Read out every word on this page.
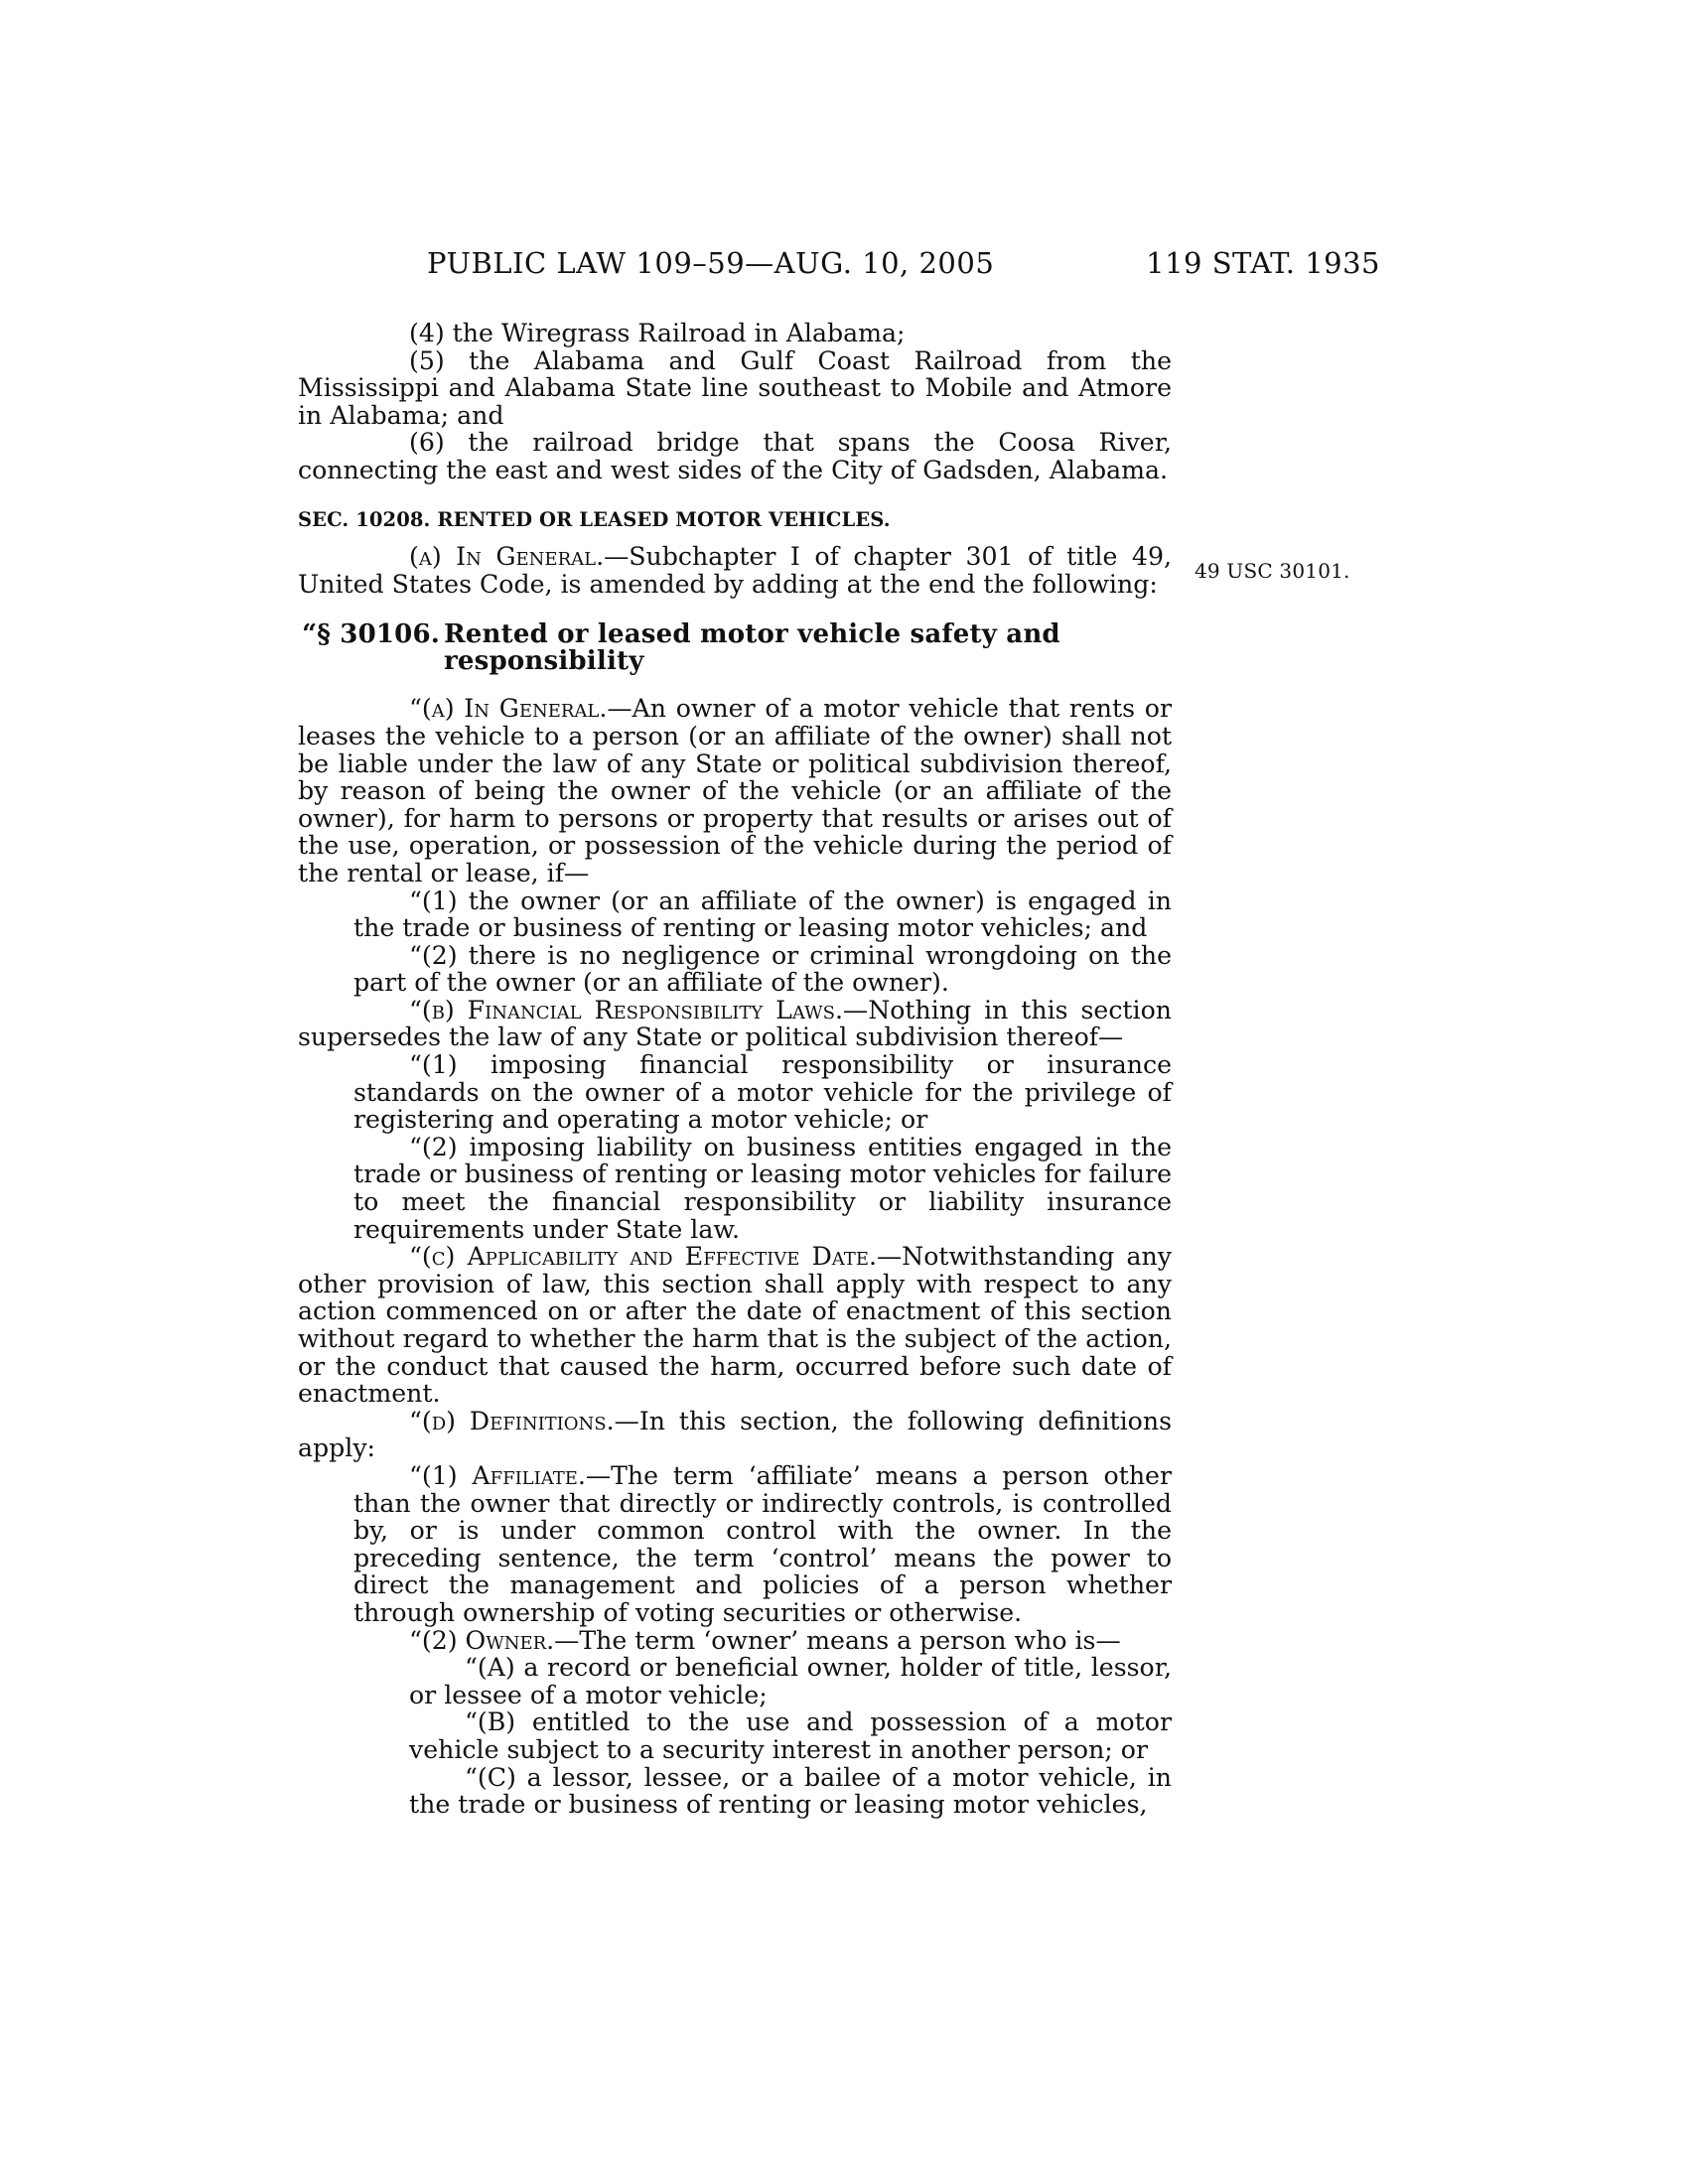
PUBLIC LAW 109–59—AUG. 10, 2005	119 STAT. 1935
49 USC 30101.

(4) the Wiregrass Railroad in Alabama;

(5) the Alabama and Gulf Coast Railroad from the Mississippi and Alabama State line southeast to Mobile and Atmore in Alabama; and

(6) the railroad bridge that spans the Coosa River, connecting the east and west sides of the City of Gadsden, Alabama.

SEC. 10208. RENTED OR LEASED MOTOR VEHICLES.

(a) In General.—Subchapter I of chapter 301 of title 49, United States Code, is amended by adding at the end the following:

“§ 30106. Rented or leased motor vehicle safety and responsibility

“(a) In General.—An owner of a motor vehicle that rents or leases the vehicle to a person (or an affiliate of the owner) shall not be liable under the law of any State or political subdivision thereof, by reason of being the owner of the vehicle (or an affiliate of the owner), for harm to persons or property that results or arises out of the use, operation, or possession of the vehicle during the period of the rental or lease, if—

“(1) the owner (or an affiliate of the owner) is engaged in the trade or business of renting or leasing motor vehicles; and

“(2) there is no negligence or criminal wrongdoing on the part of the owner (or an affiliate of the owner).

“(b) Financial Responsibility Laws.—Nothing in this section supersedes the law of any State or political subdivision thereof—

“(1) imposing financial responsibility or insurance standards on the owner of a motor vehicle for the privilege of registering and operating a motor vehicle; or

“(2) imposing liability on business entities engaged in the trade or business of renting or leasing motor vehicles for failure to meet the financial responsibility or liability insurance requirements under State law.

“(c) Applicability and Effective Date.—Notwithstanding any other provision of law, this section shall apply with respect to any action commenced on or after the date of enactment of this section without regard to whether the harm that is the subject of the action, or the conduct that caused the harm, occurred before such date of enactment.

“(d) Definitions.—In this section, the following definitions apply:

“(1) Affiliate.—The term ‘affiliate’ means a person other than the owner that directly or indirectly controls, is controlled by, or is under common control with the owner. In the preceding sentence, the term ‘control’ means the power to direct the management and policies of a person whether through ownership of voting securities or otherwise.

“(2) Owner.—The term ‘owner’ means a person who is—

“(A) a record or beneficial owner, holder of title, lessor, or lessee of a motor vehicle;

“(B) entitled to the use and possession of a motor vehicle subject to a security interest in another person; or

“(C) a lessor, lessee, or a bailee of a motor vehicle, in the trade or business of renting or leasing motor vehicles,
